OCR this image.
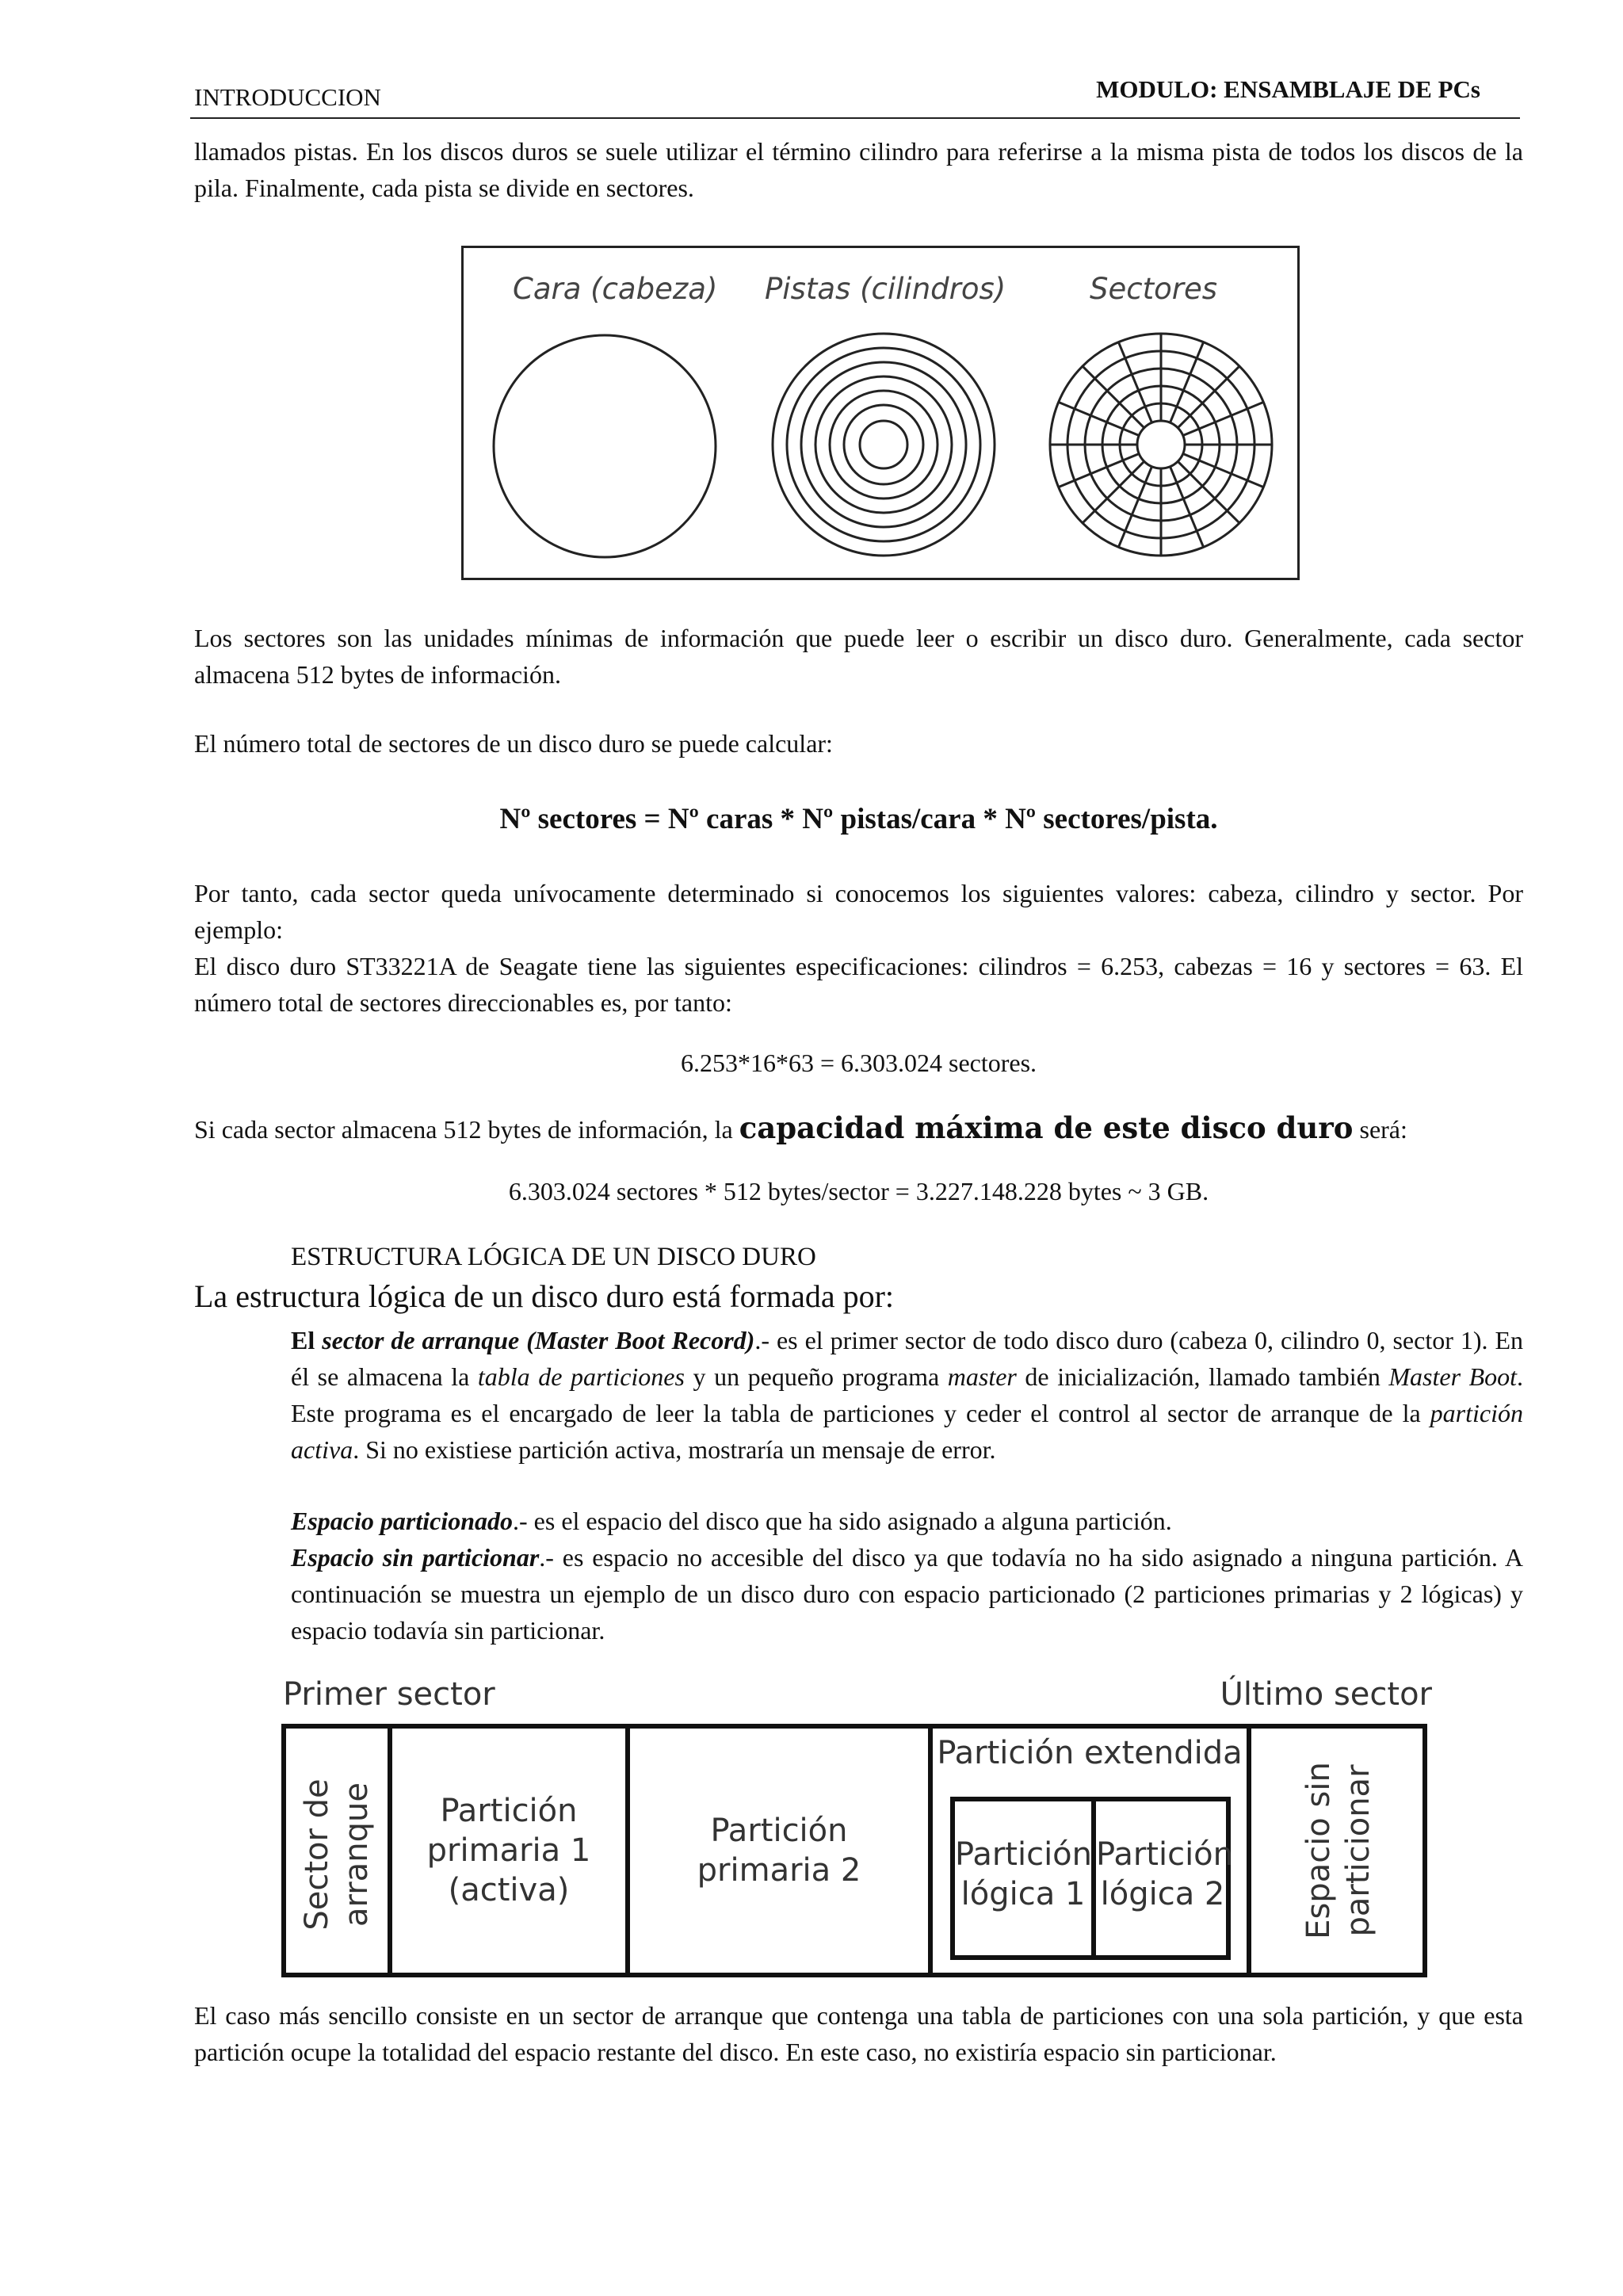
INTRODUCCION	MODULO: ENSAMBLAJE DE PCs
llamados pistas. En los discos duros se suele utilizar el término cilindro para referirse a la misma pista de todos los discos de la pila. Finalmente, cada pista se divide en sectores.
Cara (cabeza) Pistas (cilindros)	Sectores
Los sectores son las unidades mínimas de información que puede leer o escribir un disco duro. Generalmente, cada sector almacena 512 bytes de información.
El número total de sectores de un disco duro se puede calcular:
Nº sectores = Nº caras * Nº pistas/cara * Nº sectores/pista.
Por tanto, cada sector queda unívocamente determinado si conocemos los siguientes valores: cabeza, cilindro y sector. Por ejemplo:
El disco duro ST33221A de Seagate tiene las siguientes especificaciones: cilindros = 6.253, cabezas = 16 y sectores = 63. El número total de sectores direccionables es, por tanto:
6.253*16*63 = 6.303.024 sectores.
Si cada sector almacena 512 bytes de información, la capacidad máxima de este disco duro será:
6.303.024 sectores * 512 bytes/sector = 3.227.148.228 bytes ~ 3 GB.
ESTRUCTURA LÓGICA DE UN DISCO DURO
La estructura lógica de un disco duro está formada por:
El sector de arranque (Master Boot Record).- es el primer sector de todo disco duro (cabeza 0, cilindro 0, sector 1). En él se almacena la tabla de particiones y un pequeño programa master de inicialización, llamado también Master Boot. Este programa es el encargado de leer la tabla de particiones y ceder el control al sector de arranque de la partición activa. Si no existiese partición activa, mostraría un mensaje de error.
Espacio particionado.- es el espacio del disco que ha sido asignado a alguna partición.
Espacio sin particionar.- es espacio no accesible del disco ya que todavía no ha sido asignado a ninguna partición. A continuación se muestra un ejemplo de un disco duro con espacio particionado (2 particiones primarias y 2 lógicas) y espacio todavía sin particionar.
Primer sector	Último sector
Sector de arranque	Partición
primaria 1
(activa)
Partición
primaria 2
Partición extendida
Partición
lógica 1
Partición
lógica 2 Espacio sin particionar
El caso más sencillo consiste en un sector de arranque que contenga una tabla de particiones con una sola partición, y que esta partición ocupe la totalidad del espacio restante del disco. En este caso, no existiría espacio sin particionar.
